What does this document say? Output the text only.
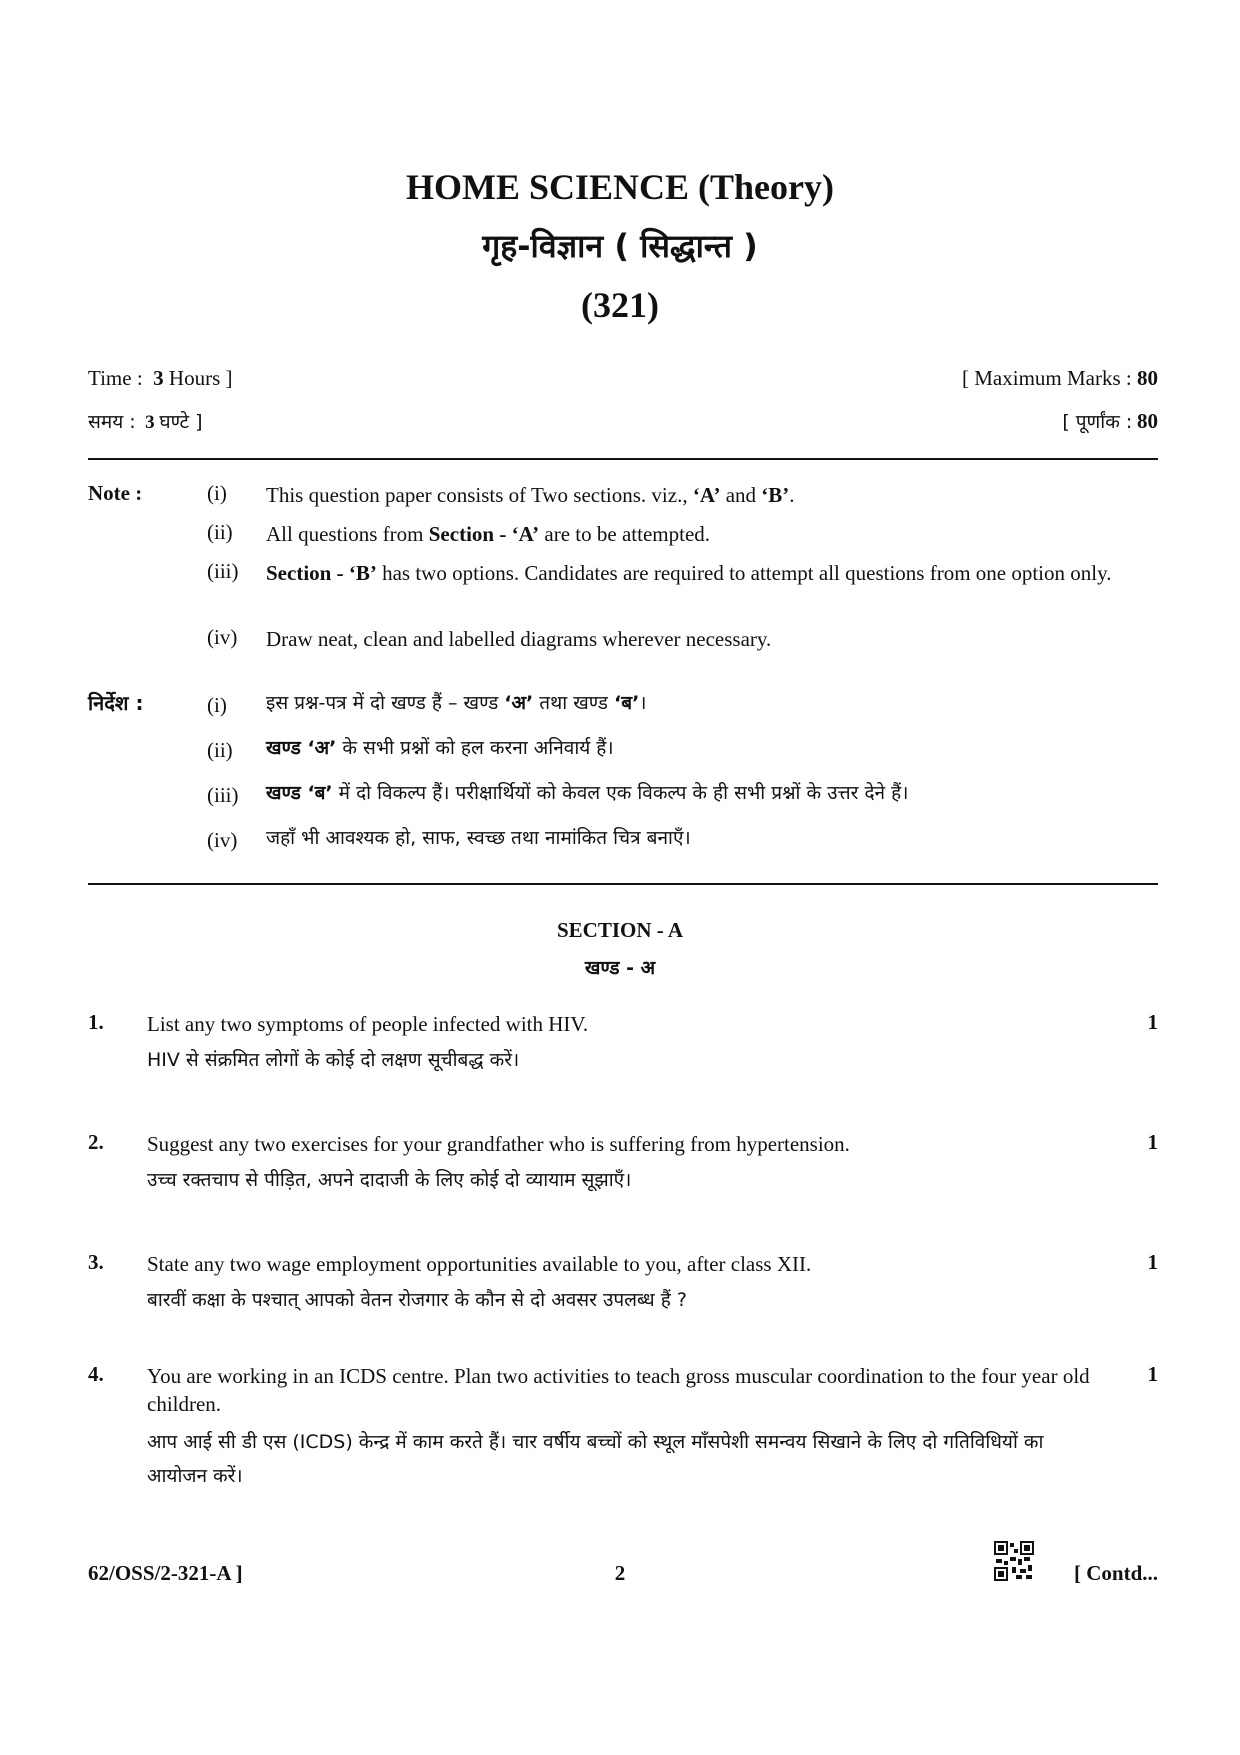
HOME SCIENCE (Theory)
गृह-विज्ञान ( सिद्धान्त )
(321)
Time : 3 Hours ]	[ Maximum Marks : 80
समय : 3 घण्टे ]	[ पूर्णांक : 80
Note :	(i) This question paper consists of Two sections. viz., ‘A’ and ‘B’.
(ii) All questions from Section - ‘A’ are to be attempted.
(iii) Section - ‘B’ has two options. Candidates are required to attempt all questions from one option only.
(iv) Draw neat, clean and labelled diagrams wherever necessary.
निर्देश :	(i) इस प्रश्न-पत्र में दो खण्ड हैं – खण्ड ‘अ’ तथा खण्ड ‘ब’।
(ii) खण्ड ‘अ’ के सभी प्रश्नों को हल करना अनिवार्य हैं।
(iii) खण्ड ‘ब’ में दो विकल्प हैं। परीक्षार्थियों को केवल एक विकल्प के ही सभी प्रश्नों के उत्तर देने हैं।
(iv) जहाँ भी आवश्यक हो, साफ, स्वच्छ तथा नामांकित चित्र बनाएँ।
SECTION - A
खण्ड - अ
1. List any two symptoms of people infected with HIV.
HIV से संक्रमित लोगों के कोई दो लक्षण सूचीबद्ध करें।
1
2. Suggest any two exercises for your grandfather who is suffering from hypertension.
उच्च रक्तचाप से पीड़ित, अपने दादाजी के लिए कोई दो व्यायाम सूझाएँ।
1
3. State any two wage employment opportunities available to you, after class XII.
बारवीं कक्षा के पश्चात् आपको वेतन रोजगार के कौन से दो अवसर उपलब्ध हैं ?
1
4. You are working in an ICDS centre. Plan two activities to teach gross muscular coordination to the four year old children.
आप आई सी डी एस (ICDS) केन्द्र में काम करते हैं। चार वर्षीय बच्चों को स्थूल माँसपेशी समन्वय सिखाने के लिए दो गतिविधियों का आयोजन करें।
1
62/OSS/2-321-A ]	2	[ Contd...
